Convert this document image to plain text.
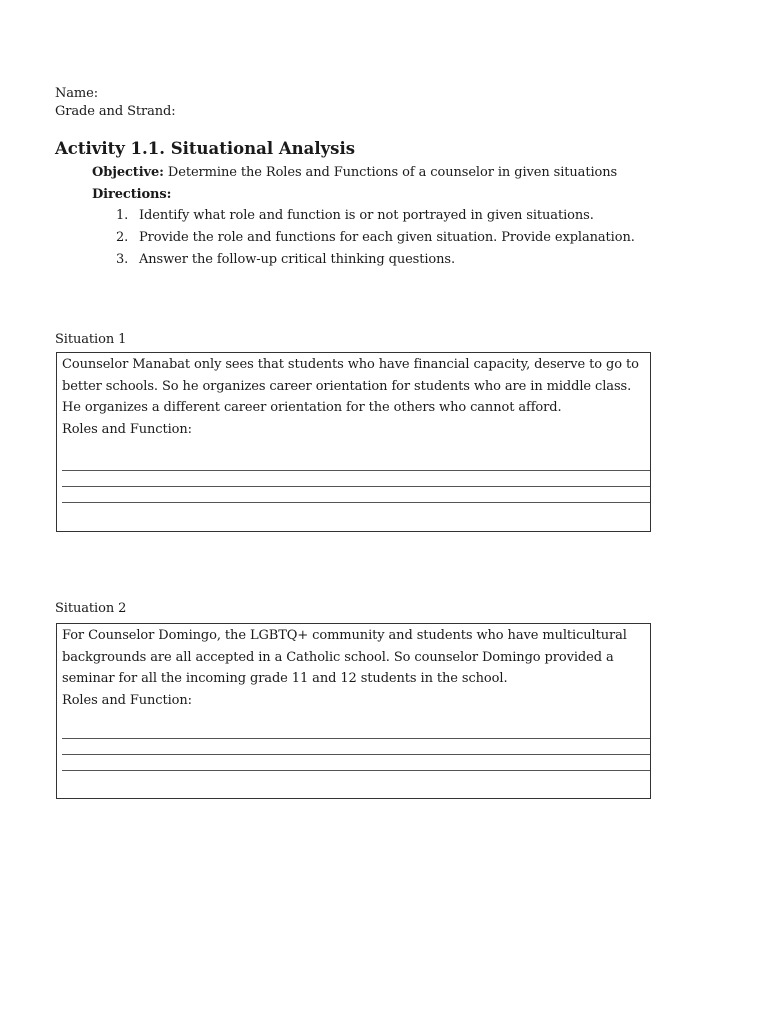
Name:
Grade and Strand:
Activity 1.1. Situational Analysis
Objective: Determine the Roles and Functions of a counselor in given situations
Directions:
1. Identify what role and function is or not portrayed in given situations.
2. Provide the role and functions for each given situation. Provide explanation.
3. Answer the follow-up critical thinking questions.
Situation 1
Counselor Manabat only sees that students who have financial capacity, deserve to go to better schools. So he organizes career orientation for students who are in middle class. He organizes a different career orientation for the others who cannot afford.
Roles and Function:
Situation 2
For Counselor Domingo, the LGBTQ+ community and students who have multicultural backgrounds are all accepted in a Catholic school. So counselor Domingo provided a seminar for all the incoming grade 11 and 12 students in the school.
Roles and Function:
